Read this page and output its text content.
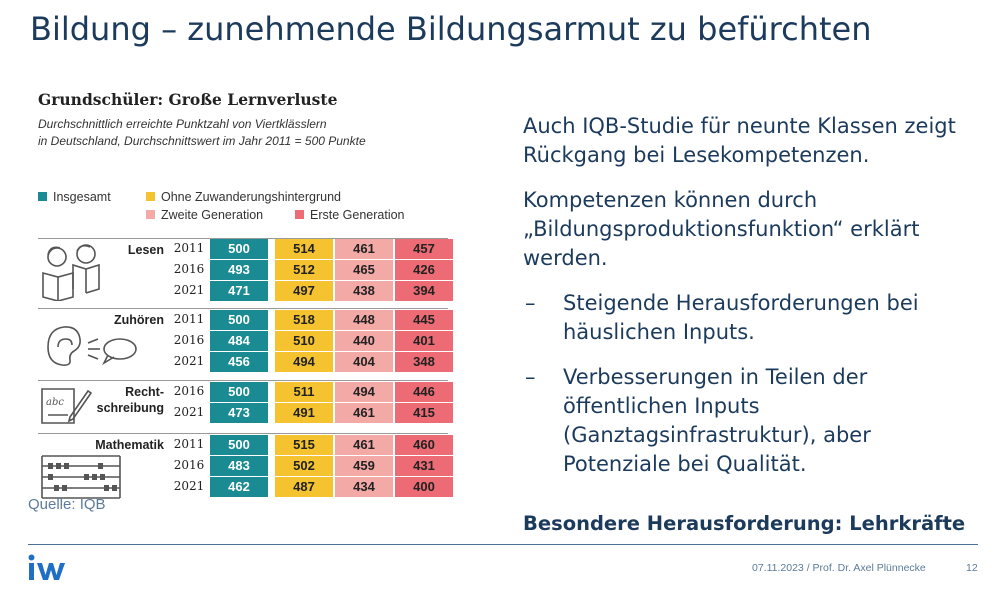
Bildung – zunehmende Bildungsarmut zu befürchten
Grundschüler: Große Lernverluste
Durchschnittlich erreichte Punktzahl von Viertklässlern
in Deutschland, Durchschnittswert im Jahr 2011 = 500 Punkte
Insgesamt	Ohne Zuwanderungshintergrund
Zweite Generation	Erste Generation
Lesen 2011	500	514	461	457
2016	493	512	465	426
2021	471	497	438	394
Zuhören 2011	500	518	448	445
2016	484	510	440	401
2021	456	494	404	348
abc
Recht-
schreibung
2016	500	511	494	446
2021	473	491	461	415
Mathematik 2011	500	515	461	460
2016	483	502	459	431
2021	462	487	434	400
Quelle: IQB

Auch IQB-Studie für neunte Klassen zeigt Rückgang bei Lesekompetenzen.

Kompetenzen können durch „Bildungsproduktionsfunktion“ erklärt werden.

– Steigende Herausforderungen bei häuslichen Inputs.
– Verbesserungen in Teilen der öffentlichen Inputs (Ganztagsinfrastruktur), aber Potenziale bei Qualität.
Besondere Herausforderung: Lehrkräfte
07.11.2023 / Prof. Dr. Axel Plünnecke	12
